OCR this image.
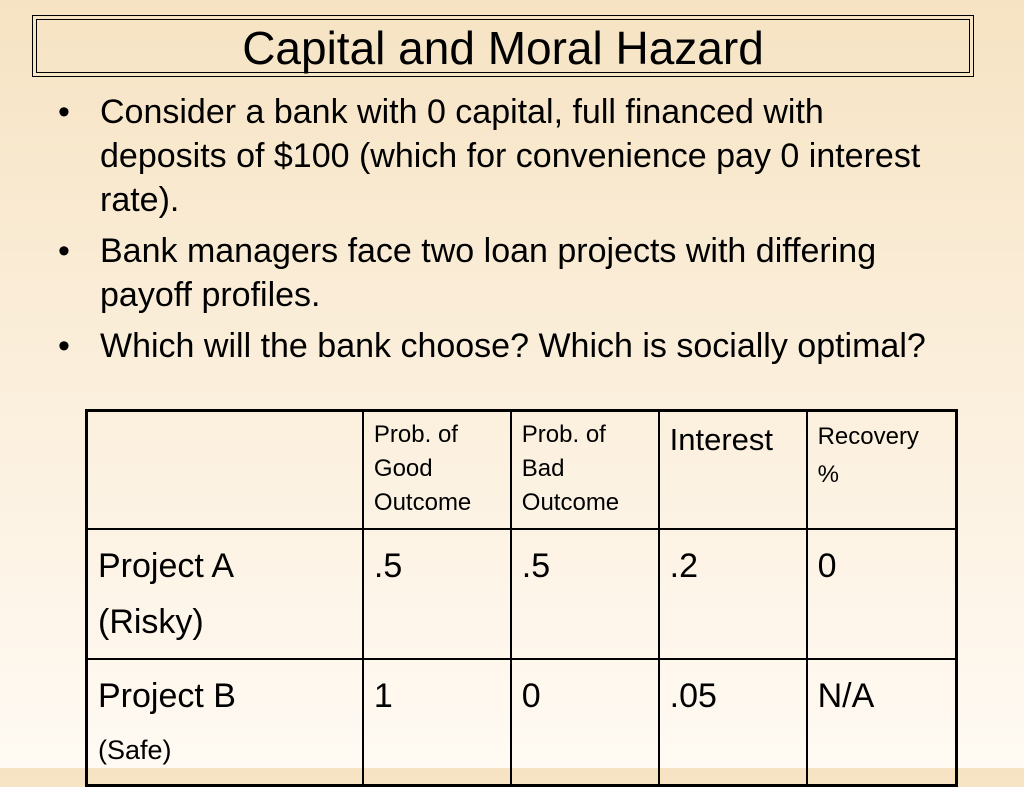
Capital and Moral Hazard
• Consider a bank with 0 capital, full financed with deposits of $100 (which for convenience pay 0 interest rate).
• Bank managers face two loan projects with differing payoff profiles.
• Which will the bank choose? Which is socially optimal?
	Prob. of Good Outcome	Prob. of Bad Outcome	Interest	Recovery
%

Project A
(Risky)	.5	.5	.2	0

Project B
(Safe)	1	0	.05	N/A
